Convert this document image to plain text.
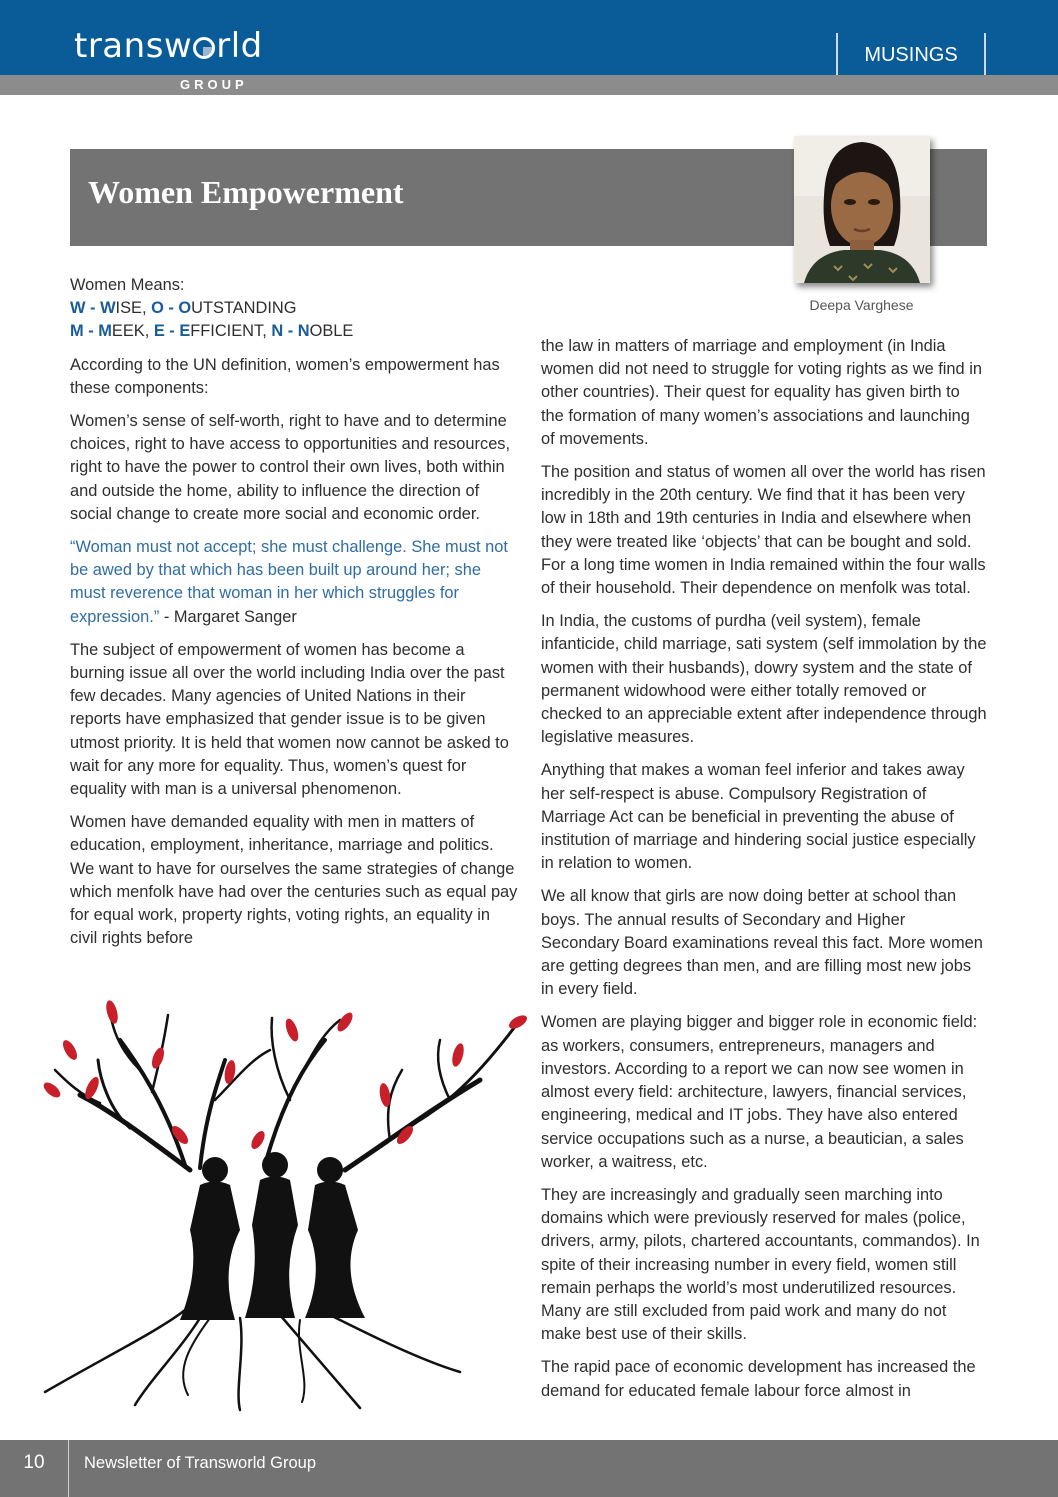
transw rld
GROUP
MUSINGS
Women Empowerment
Deepa Varghese
Women Means:
W - WISE, O - OUTSTANDING
M - MEEK, E - EFFICIENT, N - NOBLE

According to the UN definition, women’s empowerment has these components:

Women’s sense of self-worth, right to have and to determine choices, right to have access to opportunities and resources, right to have the power to control their own lives, both within and outside the home, ability to influence the direction of social change to create more social and economic order.

“Woman must not accept; she must challenge. She must not be awed by that which has been built up around her; she must reverence that woman in her which struggles for expression.” - Margaret Sanger

The subject of empowerment of women has become a burning issue all over the world including India over the past few decades. Many agencies of United Nations in their reports have emphasized that gender issue is to be given utmost priority. It is held that women now cannot be asked to wait for any more for equality. Thus, women’s quest for equality with man is a universal phenomenon.

Women have demanded equality with men in matters of education, employment, inheritance, marriage and politics. We want to have for ourselves the same strategies of change which menfolk have had over the centuries such as equal pay for equal work, property rights, voting rights, an equality in civil rights before

the law in matters of marriage and employment (in India women did not need to struggle for voting rights as we find in other countries). Their quest for equality has given birth to the formation of many women’s associations and launching of movements.

The position and status of women all over the world has risen incredibly in the 20th century. We find that it has been very low in 18th and 19th centuries in India and elsewhere when they were treated like ‘objects’ that can be bought and sold. For a long time women in India remained within the four walls of their household. Their dependence on menfolk was total.

In India, the customs of purdha (veil system), female infanticide, child marriage, sati system (self immolation by the women with their husbands), dowry system and the state of permanent widowhood were either totally removed or checked to an appreciable extent after independence through legislative measures.

Anything that makes a woman feel inferior and takes away her self-respect is abuse. Compulsory Registration of Marriage Act can be beneficial in preventing the abuse of institution of marriage and hindering social justice especially in relation to women.

We all know that girls are now doing better at school than boys. The annual results of Secondary and Higher Secondary Board examinations reveal this fact. More women are getting degrees than men, and are filling most new jobs in every field.

Women are playing bigger and bigger role in economic field: as workers, consumers, entrepreneurs, managers and investors. According to a report we can now see women in almost every field: architecture, lawyers, financial services, engineering, medical and IT jobs. They have also entered service occupations such as a nurse, a beautician, a sales worker, a waitress, etc.

They are increasingly and gradually seen marching into domains which were previously reserved for males (police, drivers, army, pilots, chartered accountants, commandos). In spite of their increasing number in every field, women still remain perhaps the world’s most underutilized resources. Many are still excluded from paid work and many do not make best use of their skills.

The rapid pace of economic development has increased the demand for educated female labour force almost in

10	Newsletter of Transworld Group
